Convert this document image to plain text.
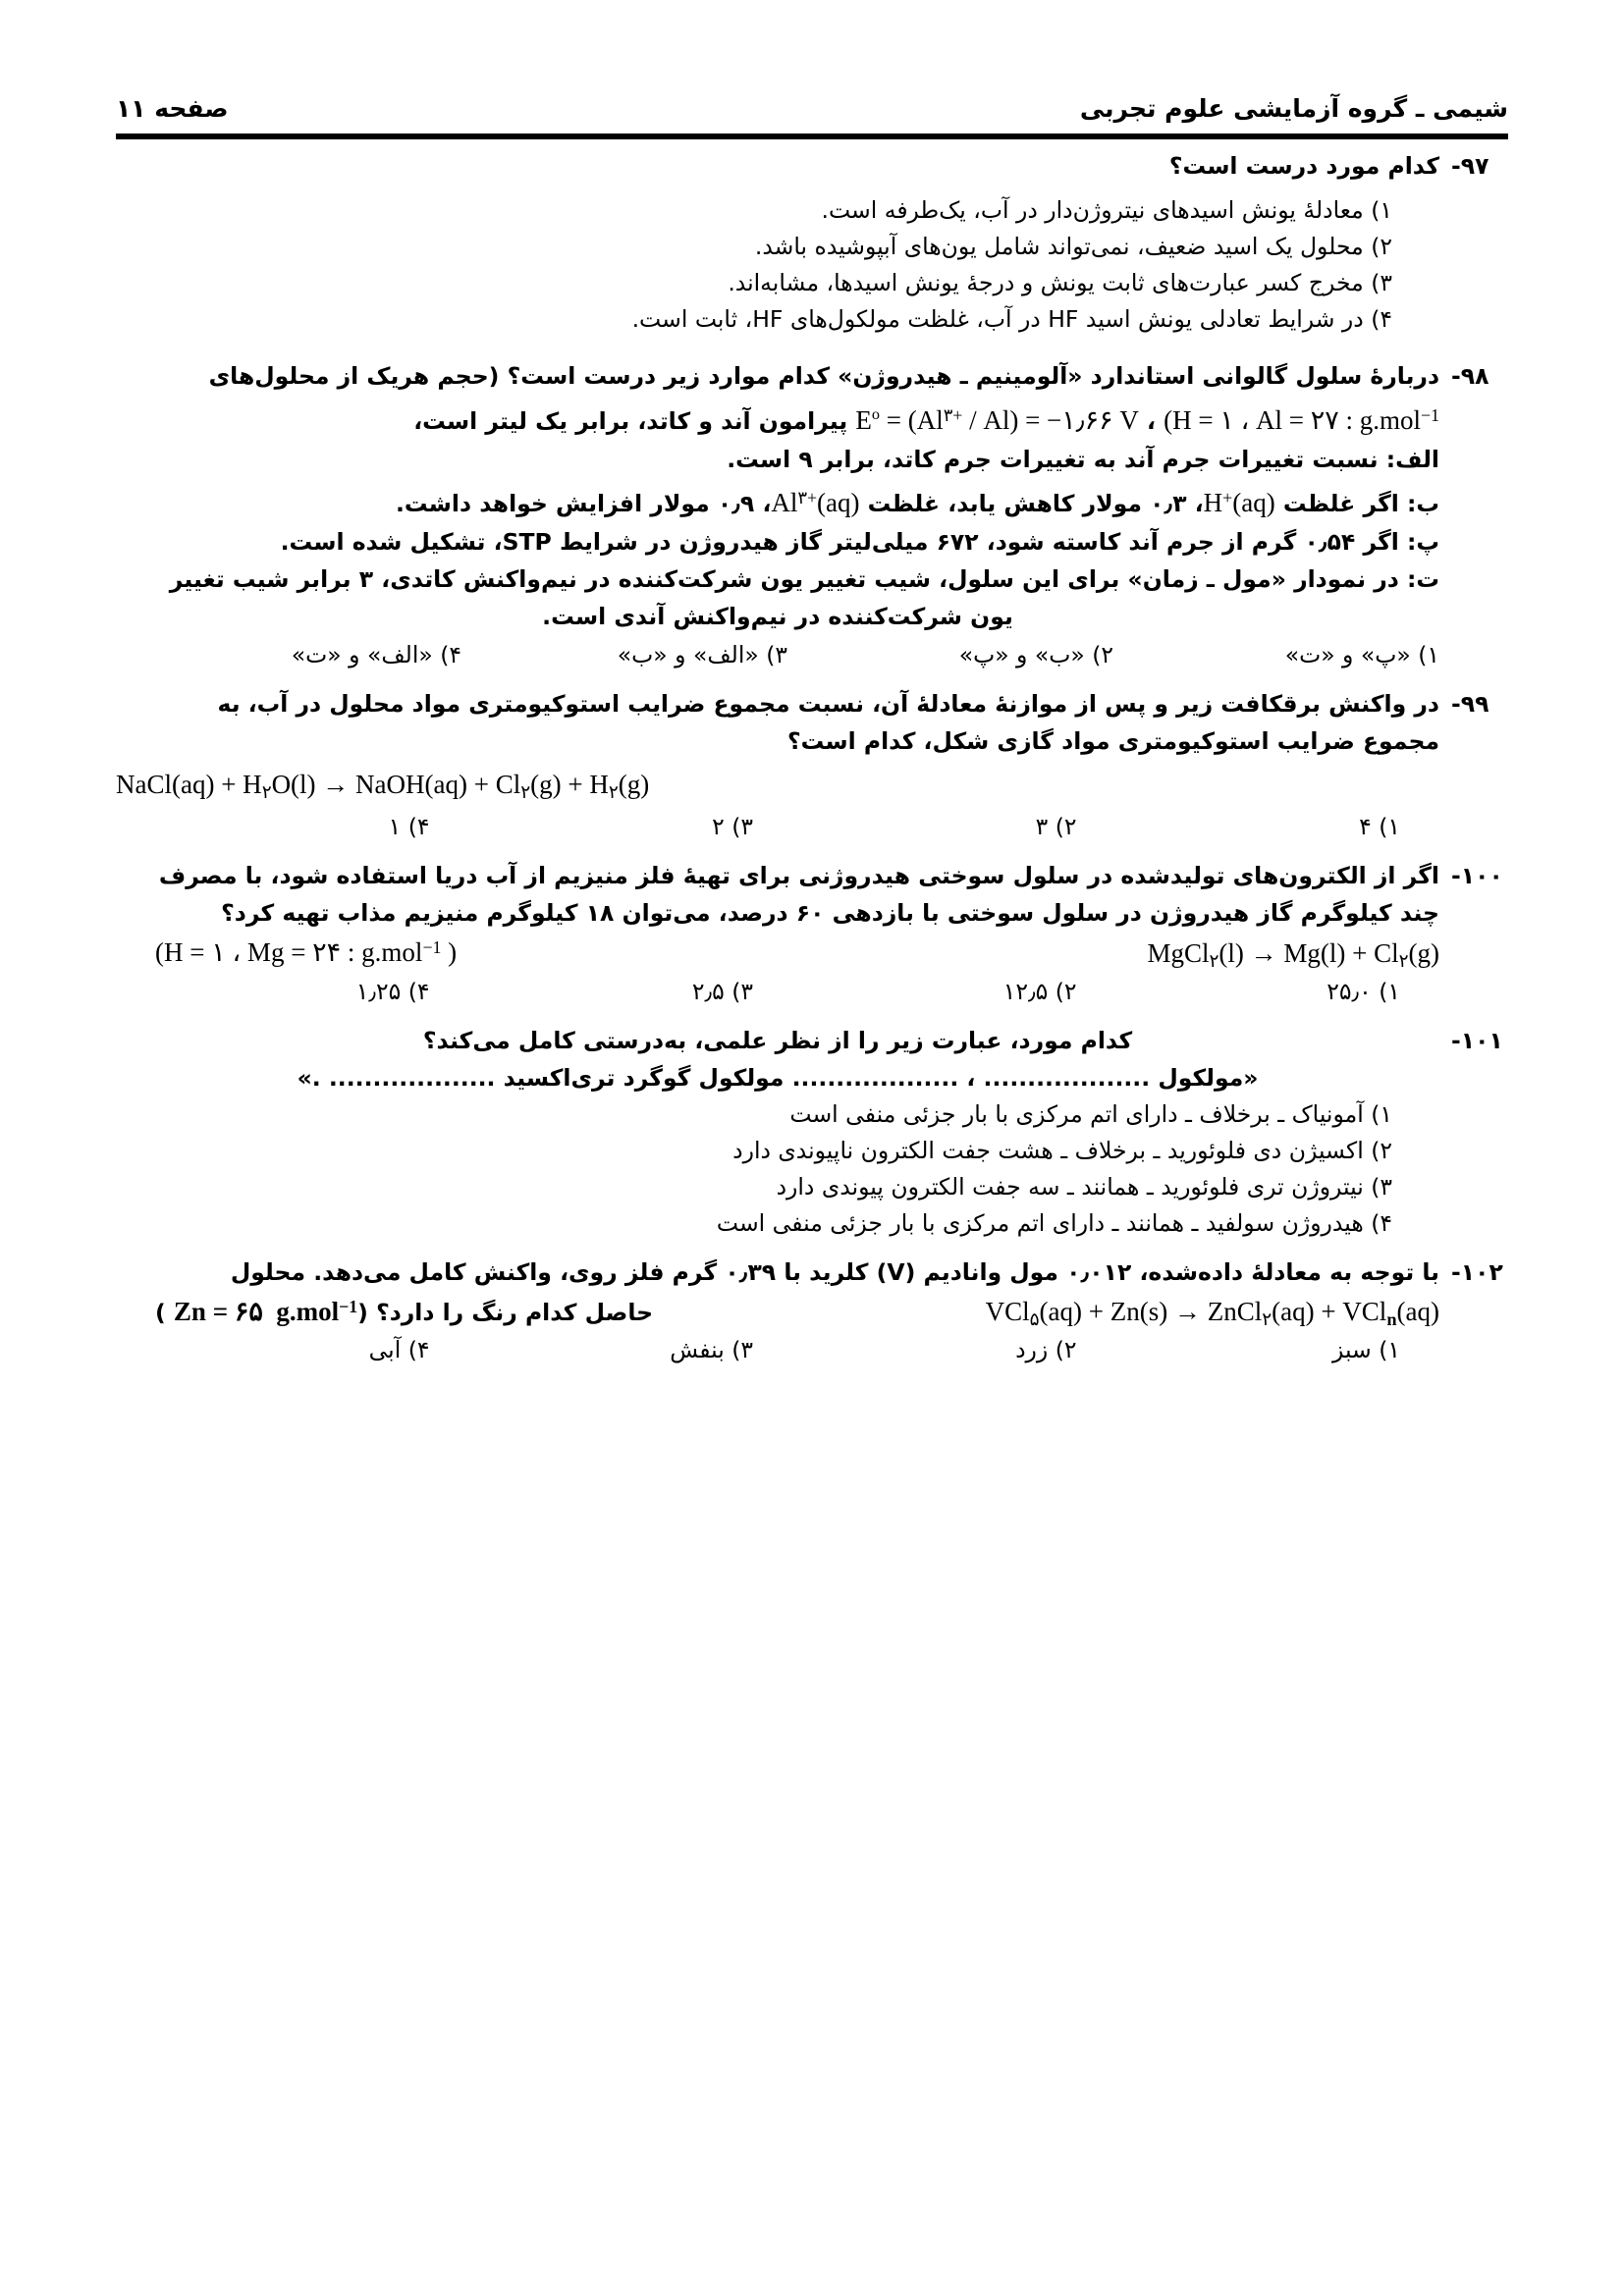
شیمی ـ گروه آزمایشی علوم تجربی
صفحه ۱۱
۹۷-
کدام مورد درست است؟
۱) معادلۀ یونش اسیدهای نیتروژن‌دار در آب، یک‌طرفه است.
۲) محلول یک اسید ضعیف، نمی‌تواند شامل یون‌های آبپوشیده باشد.
۳) مخرج کسر عبارت‌های ثابت یونش و درجۀ یونش اسیدها، مشابه‌اند.
۴) در شرایط تعادلی یونش اسید HF در آب، غلظت مولکول‌های HF، ثابت است.
۹۸-
دربارۀ سلول گالوانی استاندارد «آلومینیم ـ هیدروژن» کدام موارد زیر درست است؟ (حجم هر‌یک از محلول‌های
(H = ۱ ، Al = ۲۷ : g.mol$^{-1}$ ، $E^o = (Al^{۳+} / Al)$ = −۱٫۶۶ V پیرامون آند و کاتد، برابر یک لیتر است،
الف: نسبت تغییرات جرم آند به تغییرات جرم کاتد، برابر ۹ است.
ب: اگر غلظت H+(aq)، ۰٫۳ مولار کاهش یابد، غلظت $Al^{۳+}(aq)،$ ۰٫۹ مولار افزایش خواهد داشت.
پ: اگر ۰٫۵۴ گرم از جرم آند کاسته شود، ۶۷۲ میلی‌لیتر گاز هیدروژن در شرایط STP، تشکیل شده است.
ت: در نمودار «مول ـ زمان» برای این سلول، شیب تغییر یون شرکت‌کننده در نیم‌واکنش کاتدی، ۳ برابر شیب تغییر
یون شرکت‌کننده در نیم‌واکنش آندی است.
۱) «پ» و «ت»
۲) «ب» و «پ»
۳) «الف» و «ب»
۴) «الف» و «ت»
۹۹-
در واکنش برقکافت زیر و پس از موازنۀ معادلۀ آن، نسبت مجموع ضرایب استوکیومتری مواد محلول در آب، به
مجموع ضرایب استوکیومتری مواد گازی شکل، کدام است؟
NaCl(aq) + $H_۲O(l)$ → NaOH(aq) + $Cl_۲(g) + H_۲(g)$
۱) ۴
۲) ۳
۳) ۲
۴) ۱
۱۰۰-
اگر از الکترون‌های تولیدشده در سلول سوختی هیدروژنی برای تهیۀ فلز منیزیم از آب دریا استفاده شود، با مصرف
چند کیلوگرم گاز هیدروژن در سلول سوختی با بازدهی ۶۰ درصد، می‌توان ۱۸ کیلوگرم منیزیم مذاب تهیه کرد؟
(H = ۱ ، Mg = ۲۴ : g.mol$^{-1}$ )	MgCl$_۲$(l) → $Mg(l) + Cl_۲(g)$
۱) ۲۵٫۰
۲) ۱۲٫۵
۳) ۲٫۵
۴) ۱٫۲۵
۱۰۱-
کدام مورد، عبارت زیر را از نظر علمی، به‌درستی کامل می‌کند؟
«مولکول ................... ، ................... مولکول گوگرد تری‌اکسید ................... .»
۱) آمونیاک ـ برخلاف ـ دارای اتم مرکزی با بار جزئی منفی است
۲) اکسیژن دی فلوئورید ـ برخلاف ـ هشت جفت الکترون ناپیوندی دارد
۳) نیتروژن تری فلوئورید ـ همانند ـ سه جفت الکترون پیوندی دارد
۴) هیدروژن سولفید ـ همانند ـ دارای اتم مرکزی با بار جزئی منفی است
۱۰۲-
با توجه به معادلۀ داده‌شده، ۰٫۰۱۲ مول وانادیم (V) کلرید با ۰٫۳۹ گرم فلز روی، واکنش کامل می‌دهد. محلول
حاصل کدام رنگ را دارد؟ (Zn = ۶۵  g.mol$^{-1}$ )	VCl$_۵$(aq) + Zn(s) → ZnCl$_۲$(aq) + VCl$_n$(aq)
۱) سبز
۲) زرد
۳) بنفش
۴) آبی
